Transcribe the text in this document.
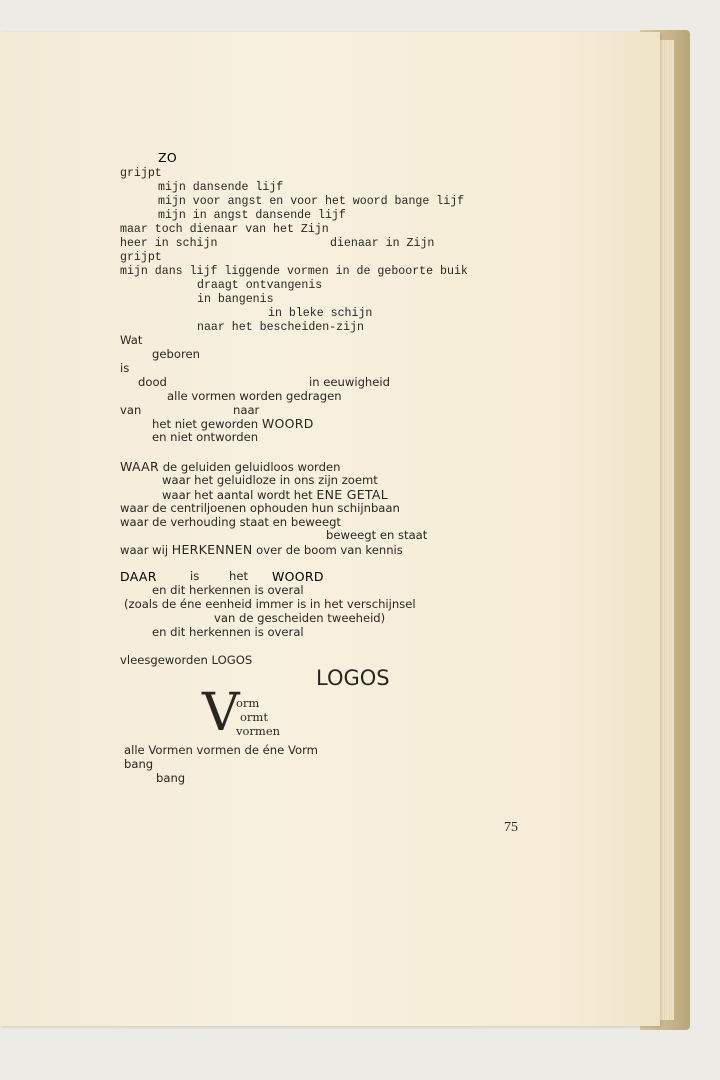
ZO
grijpt
mijn dansende lijf
mijn voor angst en voor het woord bange lijf
mijn in angst dansende lijf
maar toch dienaar van het Zijn
heer in schijn	dienaar in Zijn
grijpt
mijn dans lijf liggende vormen in de geboorte buik
draagt ontvangenis
in bangenis
in bleke schijn
naar het bescheiden-zijn
Wat
geboren
is
dood	in eeuwigheid
alle vormen worden gedragen
van	naar
het niet geworden WOORD
en niet ontworden
WAAR de geluiden geluidloos worden
waar het geluidloze in ons zijn zoemt
waar het aantal wordt het ENE GETAL
waar de centriljoenen ophouden hun schijnbaan
waar de verhouding staat en beweegt
beweegt en staat
waar wij HERKENNEN over de boom van kennis
DAAR	is	het WOORD
en dit herkennen is overal
(zoals de éne eenheid immer is in het verschijnsel
van de gescheiden tweeheid)
en dit herkennen is overal
vleesgeworden LOGOS
LOGOS
V
orm
ormt
vormen
alle Vormen vormen de éne Vorm
bang
bang
75
